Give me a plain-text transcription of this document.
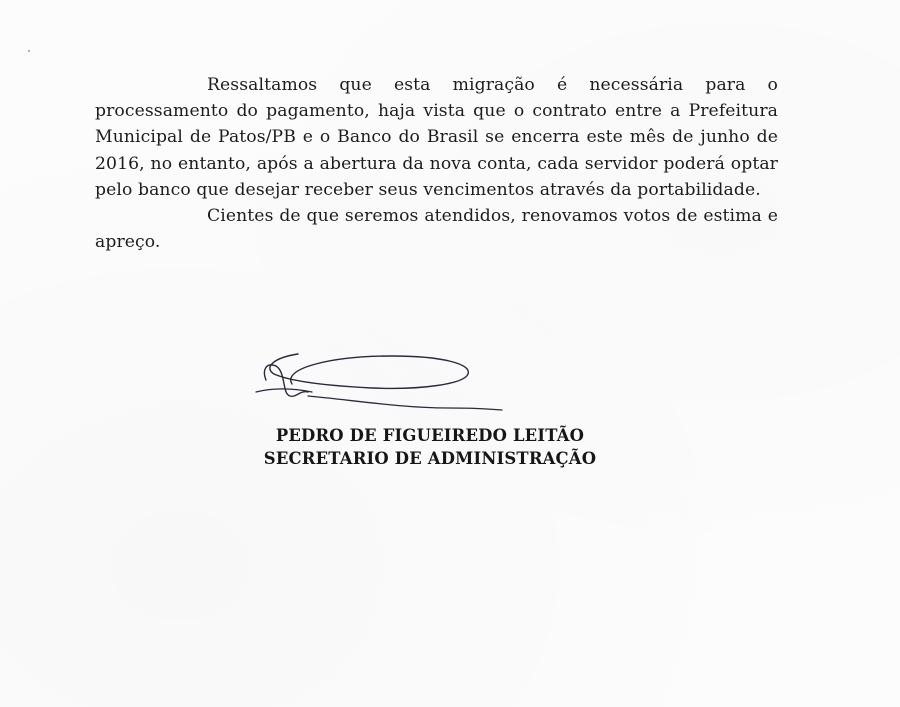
Ressaltamos que esta migração é necessária para o processamento do pagamento, haja vista que o contrato entre a Prefeitura Municipal de Patos/PB e o Banco do Brasil se encerra este mês de junho de 2016, no entanto, após a abertura da nova conta, cada servidor poderá optar pelo banco que desejar receber seus vencimentos através da portabilidade.

Cientes de que seremos atendidos, renovamos votos de estima e apreço.

PEDRO DE FIGUEIREDO LEITÃO
SECRETARIO DE ADMINISTRAÇÃO
